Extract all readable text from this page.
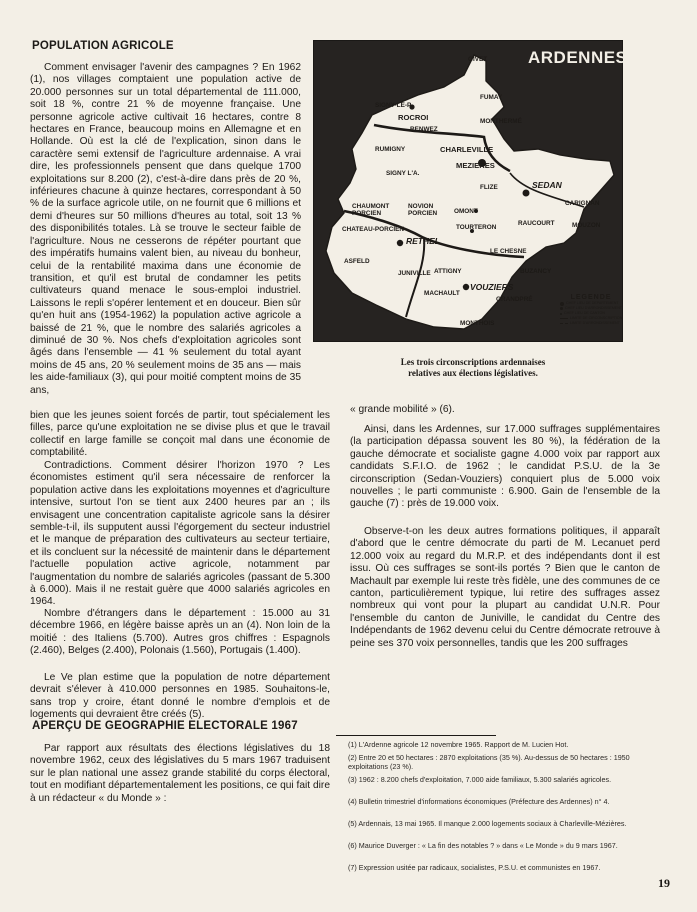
POPULATION AGRICOLE

Comment envisager l'avenir des campagnes ? En 1962 (1), nos villages comptaient une population active de 20.000 personnes sur un total départemental de 111.000, soit 18 %, contre 21 % de moyenne française. Une personne agricole active cultivait 16 hectares, contre 8 hectares en France, beaucoup moins en Allemagne et en Hollande. Où est la clé de l'explication, sinon dans le caractère semi extensif de l'agriculture ardennaise. A vrai dire, les professionnels pensent que dans quelque 1700 exploitations sur 8.200 (2), c'est-à-dire dans près de 20 %, inférieures chacune à quinze hectares, correspondant à 50 % de la surface agricole utile, on ne fournit que 6 millions et demi d'heures sur 50 millions d'heures au total, soit 13 % des disponibilités totales. Là se trouve le secteur faible de l'agriculture. Nous ne cesserons de répéter pourtant que des impératifs humains valent bien, au niveau du bonheur, celui de la rentabilité maxima dans une économie de transition, et qu'il est brutal de condamner les petits cultivateurs quand menace le sous-emploi industriel. Laissons le repli s'opérer lentement et en douceur. Bien sûr qu'en huit ans (1954-1962) la population active agricole a baissé de 21 %, que le nombre des salariés agricoles a diminué de 30 %. Nos chefs d'exploitation agricoles sont âgés dans l'ensemble — 41 % seulement du total ayant moins de 45 ans, 20 % seulement moins de 35 ans — mais les aide-familiaux (3), qui pour moitié comptent moins de 35 ans,

bien que les jeunes soient forcés de partir, tout spécialement les filles, parce qu'une exploitation ne se divise plus et que le travail collectif en large famille se conçoit mal dans une économie de comptabilité.

Contradictions. Comment désirer l'horizon 1970 ? Les économistes estiment qu'il sera nécessaire de renforcer la population active dans les exploitations moyennes et d'agriculture intensive, surtout l'on se tient aux 2400 heures par an ; ils envisagent une concentration capitaliste agricole sans la désirer semble-t-il, ils supputent aussi l'égorgement du secteur industriel et le manque de préparation des cultivateurs au secteur tertiaire, et ils concluent sur la nécessité de maintenir dans le département l'actuelle population active agricole, notamment par l'augmentation du nombre de salariés agricoles (passant de 5.300 à 6.000). Mais il ne restait guère que 4000 salariés agricoles en 1964.

Nombre d'étrangers dans le département : 15.000 au 31 décembre 1966, en légère baisse après un an (4). Non loin de la moitié : des Italiens (5.700). Autres gros chiffres : Espagnols (2.460), Belges (2.400), Polonais (1.560), Portugais (1.400).

Le Ve plan estime que la population de notre département devrait s'élever à 410.000 personnes en 1985. Souhaitons-le, sans trop y croire, étant donné le nombre d'emplois et de logements qui devraient être créés (5).

APERÇU DE GEOGRAPHIE ELECTORALE 1967

Par rapport aux résultats des élections législatives du 18 novembre 1962, ceux des législatives du 5 mars 1967 traduisent sur le plan national une assez grande stabilité du corps électoral, tout en modifiant départementalement les positions, ce qui fait dire à un rédacteur « du Monde » :

ARDENNES
GIVET
FUMAY
SIGNY-LE-P.
ROCROI
RENWEZ
MONTHERMÉ
RUMIGNY	CHARLEVILLE
MEZIERES
SIGNY L'A.
FLIZE	SEDAN
CARIGNAN
MOUZON
CHAUMONT PORCIEN
NOVION PORCIEN	OMONT
RAUCOURT
CHATEAU-PORCIEN	TOURTERON
RETHEL
LE CHESNE
ASFELD
ATTIGNY
JUNIVILLE	BUZANCY
MACHAULT
VOUZIERS
GRANDPRÉ
MONTHOIS
LEGENDE
CHEF LIEU DE DEPARTEMENT
CHEF LIEU D'ARRONDISSEMENT
CHEF LIEU DE CANTON
LIMITE DE CIRCONSCRIPTION
LIMITE D'ARRONDISSEMENT

Les trois circonscriptions ardennaises
relatives aux élections législatives.

« grande mobilité » (6).

Ainsi, dans les Ardennes, sur 17.000 suffrages supplémentaires (la participation dépassa souvent les 80 %), la fédération de la gauche démocrate et socialiste gagne 4.000 voix par rapport aux candidats S.F.I.O. de 1962 ; le candidat P.S.U. de la 3e circonscription (Sedan-Vouziers) conquiert plus de 5.000 voix nouvelles ; le parti communiste : 6.900. Gain de l'ensemble de la gauche (7) : près de 19.000 voix.

Observe-t-on les deux autres formations politiques, il apparaît d'abord que le centre démocrate du parti de M. Lecanuet perd 12.000 voix au regard du M.R.P. et des indépendants dont il est issu. Où ces suffrages se sont-ils portés ? Bien que le canton de Machault par exemple lui reste très fidèle, une des communes de ce canton, particulièrement typique, lui retire des suffrages assez nombreux qui vont pour la plupart au candidat U.N.R. Pour l'ensemble du canton de Juniville, le candidat du Centre des Indépendants de 1962 devenu celui du Centre démocrate retrouve à peine ses 370 voix personnelles, tandis que les 200 suffrages

(1) L'Ardenne agricole 12 novembre 1965. Rapport de M. Lucien Hot.

(2) Entre 20 et 50 hectares : 2870 exploitations (35 %). Au-dessus de 50 hectares : 1950 exploitations (23 %).

(3) 1962 : 8.200 chefs d'exploitation, 7.000 aide familiaux, 5.300 salariés agricoles.

(4) Bulletin trimestriel d'informations économiques (Préfecture des Ardennes) n° 4.

(5) Ardennais, 13 mai 1965. Il manque 2.000 logements sociaux à Charleville-Mézières.

(6) Maurice Duverger : « La fin des notables ? » dans « Le Monde » du 9 mars 1967.

(7) Expression usitée par radicaux, socialistes, P.S.U. et communistes en 1967.

19
